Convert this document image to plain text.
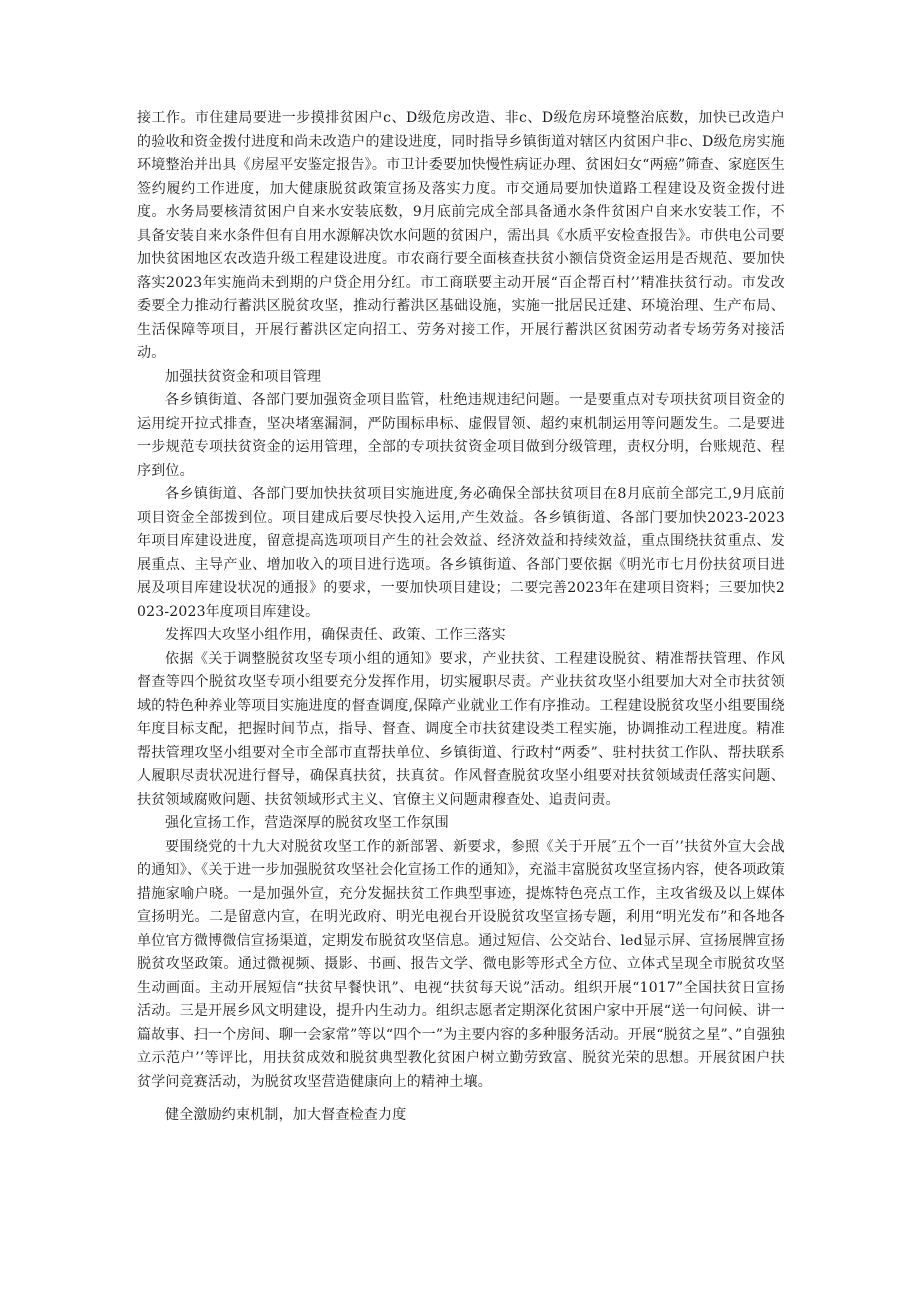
接工作。市住建局要进一步摸排贫困户c、D级危房改造、非c、D级危房环境整治底数，加快已改造户的验收和资金拨付进度和尚未改造户的建设进度，同时指导乡镇街道对辖区内贫困户非c、D级危房实施环境整治并出具《房屋平安鉴定报告》。市卫计委要加快慢性病证办理、贫困妇女“两癌”筛查、家庭医生签约履约工作进度，加大健康脱贫政策宣扬及落实力度。市交通局要加快道路工程建设及资金拨付进度。水务局要核清贫困户自来水安装底数，9月底前完成全部具备通水条件贫困户自来水安装工作，不具备安装自来水条件但有自用水源解决饮水问题的贫困户，需出具《水质平安检查报告》。市供电公司要加快贫困地区农改造升级工程建设进度。市农商行要全面核查扶贫小额信贷资金运用是否规范、要加快落实2023年实施尚未到期的户贷企用分红。市工商联要主动开展“百企帮百村’’精准扶贫行动。市发改委要全力推动行蓄洪区脱贫攻坚，推动行蓄洪区基础设施，实施一批居民迁建、环境治理、生产布局、生活保障等项目，开展行蓄洪区定向招工、劳务对接工作，开展行蓄洪区贫困劳动者专场劳务对接活动。

加强扶贫资金和项目管理

各乡镇街道、各部门要加强资金项目监管，杜绝违规违纪问题。一是要重点对专项扶贫项目资金的运用绽开拉式排查，坚决堵塞漏洞，严防围标串标、虚假冒领、超约束机制运用等问题发生。二是要进一步规范专项扶贫资金的运用管理，全部的专项扶贫资金项目做到分级管理，责权分明，台账规范、程序到位。

各乡镇街道、各部门要加快扶贫项目实施进度,务必确保全部扶贫项目在8月底前全部完工,9月底前项目资金全部拨到位。项目建成后要尽快投入运用,产生效益。各乡镇街道、各部门要加快2023-2023年项目库建设进度，留意提高选项项目产生的社会效益、经济效益和持续效益，重点围绕扶贫重点、发展重点、主导产业、增加收入的项目进行选项。各乡镇街道、各部门要依据《明光市七月份扶贫项目进展及项目库建设状况的通报》的要求，一要加快项目建设；二要完善2023年在建项目资料；三要加快2023-2023年度项目库建设。

发挥四大攻坚小组作用，确保责任、政策、工作三落实

依据《关于调整脱贫攻坚专项小组的通知》要求，产业扶贫、工程建设脱贫、精准帮扶管理、作风督查等四个脱贫攻坚专项小组要充分发挥作用，切实履职尽责。产业扶贫攻坚小组要加大对全市扶贫领域的特色种养业等项目实施进度的督查调度,保障产业就业工作有序推动。工程建设脱贫攻坚小组要围绕年度目标支配，把握时间节点，指导、督查、调度全市扶贫建设类工程实施，协调推动工程进度。精准帮扶管理攻坚小组要对全市全部市直帮扶单位、乡镇街道、行政村“两委”、驻村扶贫工作队、帮扶联系人履职尽责状况进行督导，确保真扶贫，扶真贫。作风督查脱贫攻坚小组要对扶贫领域责任落实问题、扶贫领域腐败问题、扶贫领域形式主义、官僚主义问题肃穆查处、追责问责。

强化宣扬工作，营造深厚的脱贫攻坚工作氛围

要围绕党的十九大对脱贫攻坚工作的新部署、新要求，参照《关于开展″五个一百’’扶贫外宣大会战的通知》、《关于进一步加强脱贫攻坚社会化宣扬工作的通知》，充溢丰富脱贫攻坚宣扬内容，使各项政策措施家喻户晓。一是加强外宣，充分发掘扶贫工作典型事迹，提炼特色亮点工作，主攻省级及以上媒体宣扬明光。二是留意内宣，在明光政府、明光电视台开设脱贫攻坚宣扬专题，利用“明光发布”和各地各单位官方微博微信宣扬渠道，定期发布脱贫攻坚信息。通过短信、公交站台、led显示屏、宣扬展牌宣扬脱贫攻坚政策。通过微视频、摄影、书画、报告文学、微电影等形式全方位、立体式呈现全市脱贫攻坚生动画面。主动开展短信“扶贫早餐快讯”、电视“扶贫每天说”活动。组织开展“1017”全国扶贫日宣扬活动。三是开展乡风文明建设，提升内生动力。组织志愿者定期深化贫困户家中开展“送一句问候、讲一篇故事、扫一个房间、聊一会家常”等以“四个一”为主要内容的多种服务活动。开展“脱贫之星”、”自强独立示范户’’等评比，用扶贫成效和脱贫典型教化贫困户树立勤劳致富、脱贫光荣的思想。开展贫困户扶贫学问竞赛活动，为脱贫攻坚营造健康向上的精神土壤。

健全激励约束机制，加大督查检查力度
